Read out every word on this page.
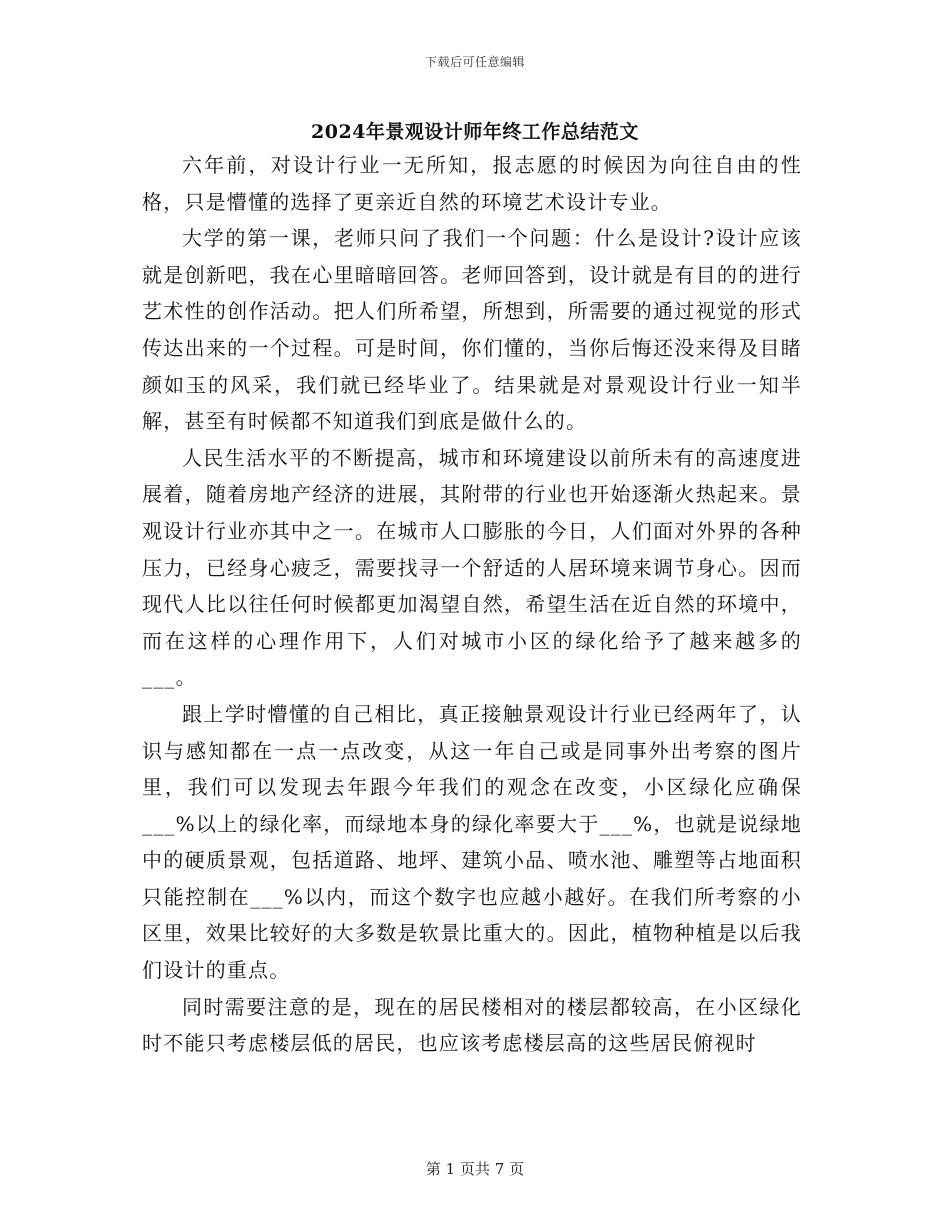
下载后可任意编辑
2024年景观设计师年终工作总结范文

六年前，对设计行业一无所知，报志愿的时候因为向往自由的性格，只是懵懂的选择了更亲近自然的环境艺术设计专业。

大学的第一课，老师只问了我们一个问题：什么是设计?设计应该就是创新吧，我在心里暗暗回答。老师回答到，设计就是有目的的进行艺术性的创作活动。把人们所希望，所想到，所需要的通过视觉的形式传达出来的一个过程。可是时间，你们懂的，当你后悔还没来得及目睹颜如玉的风采，我们就已经毕业了。结果就是对景观设计行业一知半解，甚至有时候都不知道我们到底是做什么的。

人民生活水平的不断提高，城市和环境建设以前所未有的高速度进展着，随着房地产经济的进展，其附带的行业也开始逐渐火热起来。景观设计行业亦其中之一。在城市人口膨胀的今日，人们面对外界的各种压力，已经身心疲乏，需要找寻一个舒适的人居环境来调节身心。因而现代人比以往任何时候都更加渴望自然，希望生活在近自然的环境中，而在这样的心理作用下，人们对城市小区的绿化给予了越来越多的___。

跟上学时懵懂的自己相比，真正接触景观设计行业已经两年了，认识与感知都在一点一点改变，从这一年自己或是同事外出考察的图片里，我们可以发现去年跟今年我们的观念在改变，小区绿化应确保___%以上的绿化率，而绿地本身的绿化率要大于___%，也就是说绿地中的硬质景观，包括道路、地坪、建筑小品、喷水池、雕塑等占地面积只能控制在___%以内，而这个数字也应越小越好。在我们所考察的小区里，效果比较好的大多数是软景比重大的。因此，植物种植是以后我们设计的重点。

同时需要注意的是，现在的居民楼相对的楼层都较高，在小区绿化时不能只考虑楼层低的居民，也应该考虑楼层高的这些居民俯视时

第 1 页共 7 页
